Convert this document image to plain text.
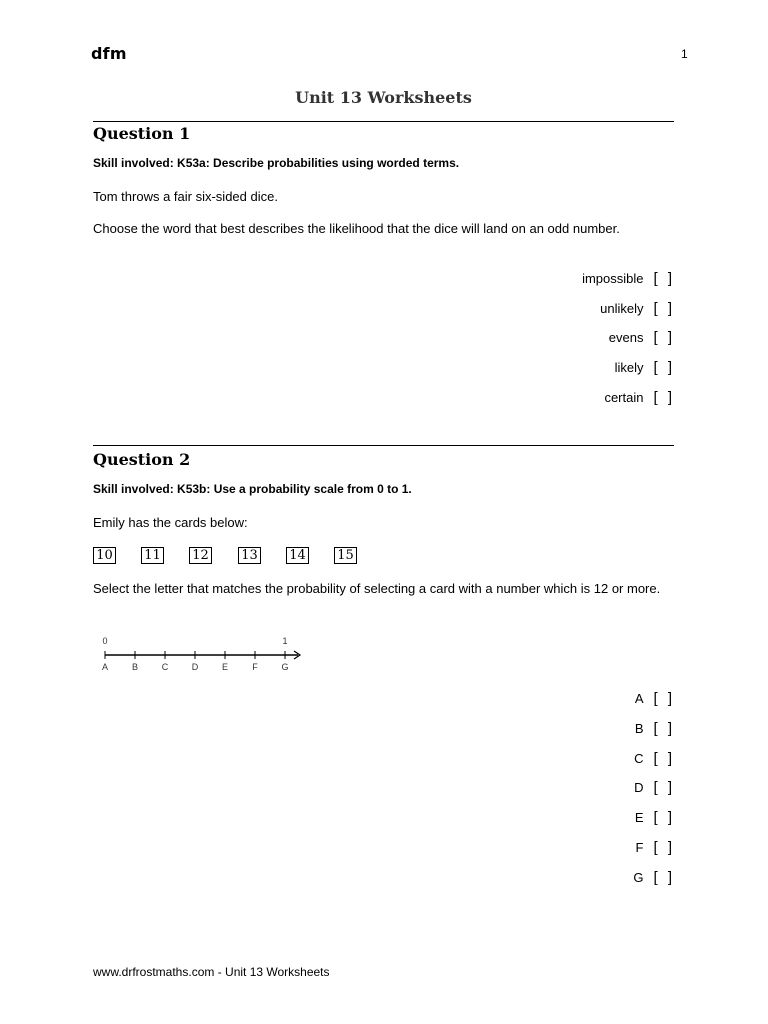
dfm	1
Unit 13 Worksheets
Question 1
Skill involved: K53a: Describe probabilities using worded terms.
Tom throws a fair six-sided dice.
Choose the word that best describes the likelihood that the dice will land on an odd number.
impossible [ ]
unlikely [ ]
evens [ ]
likely [ ]
certain [ ]
Question 2
Skill involved: K53b: Use a probability scale from 0 to 1.
Emily has the cards below:
10 11 12 13 14 15
Select the letter that matches the probability of selecting a card with a number which is 12 or more.
0	1
A	B	C	D	E	F	G
A [ ]
B [ ]
C [ ]
D [ ]
E [ ]
F [ ]
G [ ]
www.drfrostmaths.com - Unit 13 Worksheets
